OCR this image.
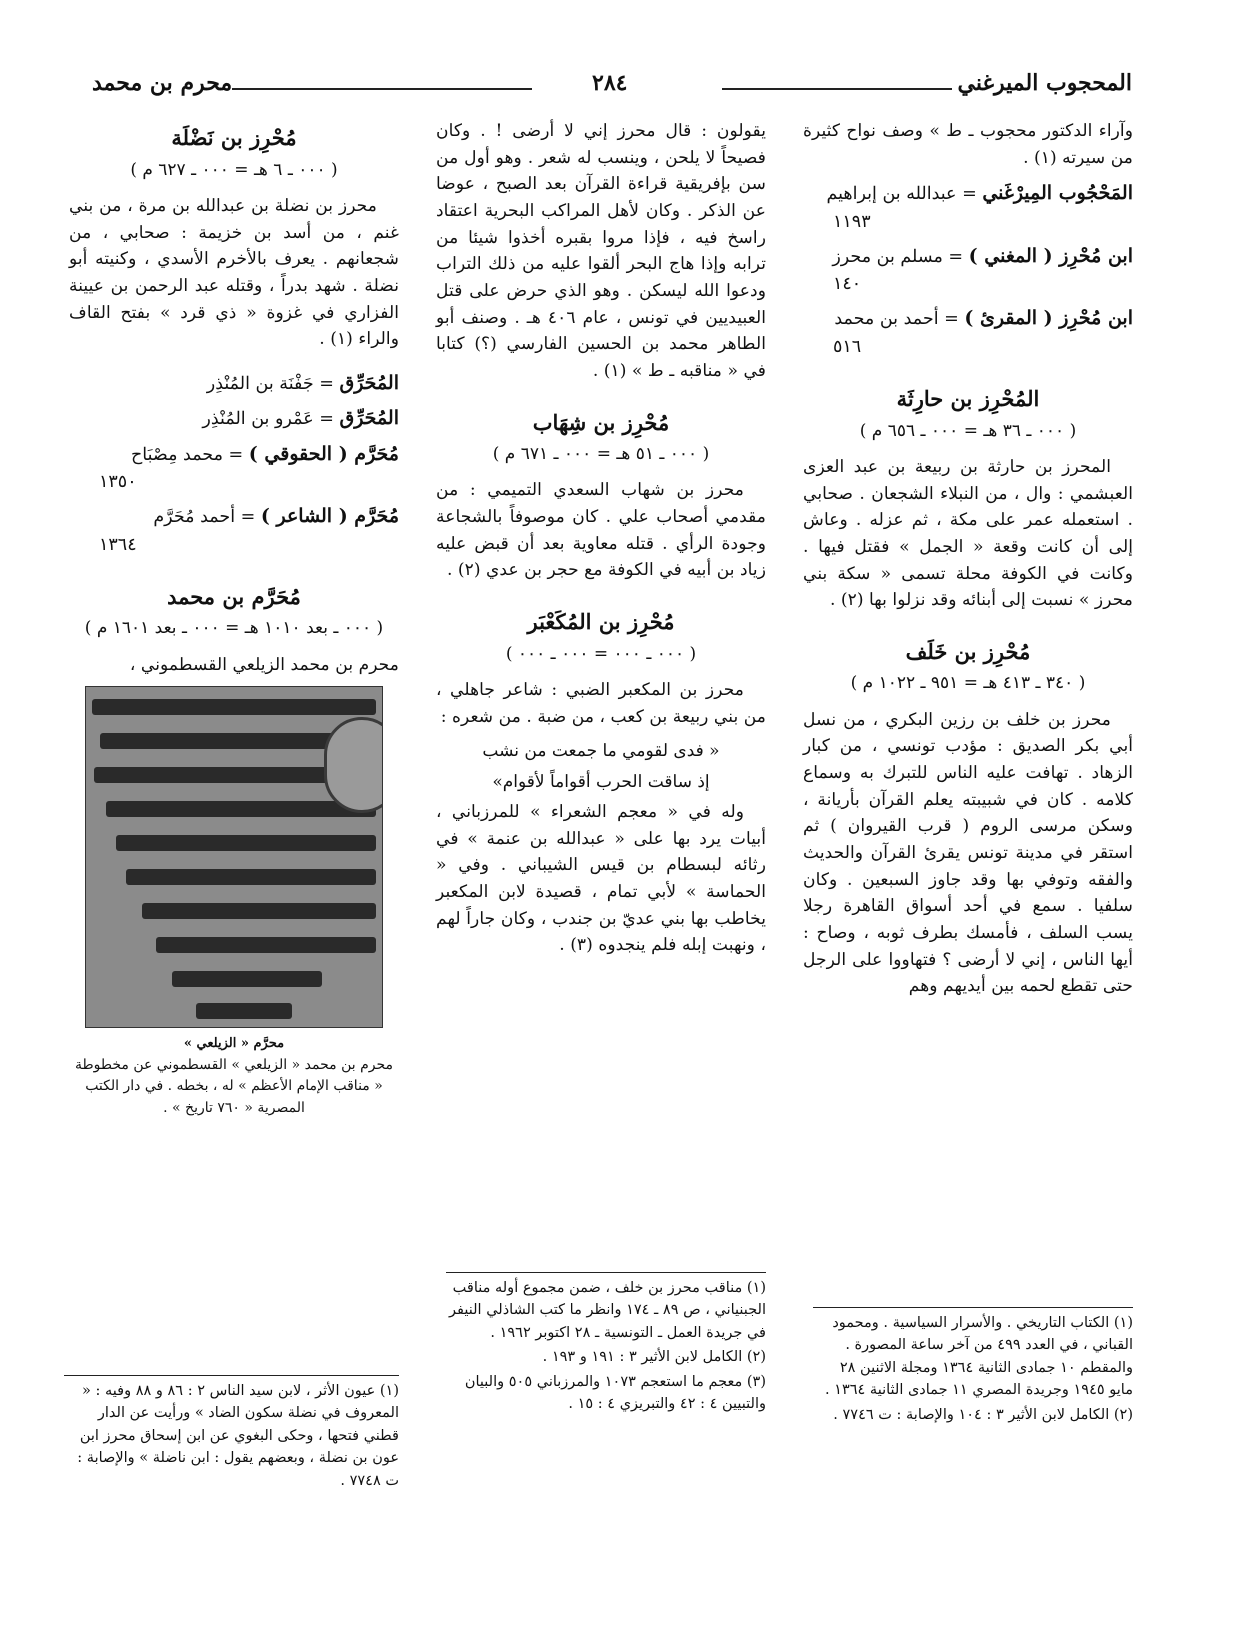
المحجوب الميرغني
٢٨٤
محرم بن محمد

وآراء الدكتور محجوب ـ ط » وصف نواح كثيرة من سيرته (١) .

المَحْجُوب المِيرْغَني = عبدالله بن إبراهيم
١١٩٣
ابن مُحْرِز ( المغني ) = مسلم بن محرز
١٤٠
ابن مُحْرِز ( المقرئ ) = أحمد بن محمد
٥١٦
المُحْرِز بن حارِثَة
( ٠٠٠ ـ ٣٦ هـ = ٠٠٠ ـ ٦٥٦ م )

المحرز بن حارثة بن ربيعة بن عبد العزى العبشمي : وال ، من النبلاء الشجعان . صحابي . استعمله عمر على مكة ، ثم عزله . وعاش إلى أن كانت وقعة « الجمل » فقتل فيها . وكانت في الكوفة محلة تسمى « سكة بني محرز » نسبت إلى أبنائه وقد نزلوا بها (٢) .

مُحْرِز بن خَلَف
( ٣٤٠ ـ ٤١٣ هـ = ٩٥١ ـ ١٠٢٢ م )

محرز بن خلف بن رزين البكري ، من نسل أبي بكر الصديق : مؤدب تونسي ، من كبار الزهاد . تهافت عليه الناس للتبرك به وسماع كلامه . كان في شبيبته يعلم القرآن بأريانة ، وسكن مرسى الروم ( قرب القيروان ) ثم استقر في مدينة تونس يقرئ القرآن والحديث والفقه وتوفي بها وقد جاوز السبعين . وكان سلفيا . سمع في أحد أسواق القاهرة رجلا يسب السلف ، فأمسك بطرف ثوبه ، وصاح : أيها الناس ، إني لا أرضى ؟ فتهاووا على الرجل حتى تقطع لحمه بين أيديهم وهم

يقولون : قال محرز إني لا أرضى ! . وكان فصيحاً لا يلحن ، وينسب له شعر . وهو أول من سن بإفريقية قراءة القرآن بعد الصبح ، عوضا عن الذكر . وكان لأهل المراكب البحرية اعتقاد راسخ فيه ، فإذا مروا بقبره أخذوا شيئا من ترابه وإذا هاج البحر ألقوا عليه من ذلك التراب ودعوا الله ليسكن . وهو الذي حرض على قتل العبيديين في تونس ، عام ٤٠٦ هـ . وصنف أبو الطاهر محمد بن الحسين الفارسي (؟) كتابا في « مناقبه ـ ط » (١) .

مُحْرِز بن شِهَاب
( ٠٠٠ ـ ٥١ هـ = ٠٠٠ ـ ٦٧١ م )

محرز بن شهاب السعدي التميمي : من مقدمي أصحاب علي . كان موصوفاً بالشجاعة وجودة الرأي . قتله معاوية بعد أن قبض عليه زياد بن أبيه في الكوفة مع حجر بن عدي (٢) .

مُحْرِز بن المُكَعْبَر
( ٠٠٠ ـ ٠٠٠ = ٠٠٠ ـ ٠٠٠ )

محرز بن المكعبر الضبي : شاعر جاهلي ، من بني ربيعة بن كعب ، من ضبة . من شعره :

« فدى لقومي ما جمعت من نشب
إذ ساقت الحرب أقواماً لأقوام»

وله في « معجم الشعراء » للمرزباني ، أبيات يرد بها على « عبدالله بن عنمة » في رثائه لبسطام بن قيس الشيباني . وفي « الحماسة » لأبي تمام ، قصيدة لابن المكعبر يخاطب بها بني عديّ بن جندب ، وكان جاراً لهم ، ونهبت إبله فلم ينجدوه (٣) .

مُحْرِز بن نَضْلَة
( ٠٠٠ ـ ٦ هـ = ٠٠٠ ـ ٦٢٧ م )

محرز بن نضلة بن عبدالله بن مرة ، من بني غنم ، من أسد بن خزيمة : صحابي ، من شجعانهم . يعرف بالأخرم الأسدي ، وكنيته أبو نضلة . شهد بدراً ، وقتله عبد الرحمن بن عيينة الفزاري في غزوة « ذي قرد » بفتح القاف والراء (١) .

المُحَرِّق = جَفْنَة بن المُنْذِر
المُحَرِّق = عَمْرو بن المُنْذِر
مُحَرَّم ( الحقوقي ) = محمد مِصْبَاح
١٣٥٠
مُحَرَّم ( الشاعر ) = أحمد مُحَرَّم
١٣٦٤
مُحَرَّم بن محمد
( ٠٠٠ ـ بعد ١٠١٠ هـ = ٠٠٠ ـ بعد ١٦٠١ م )

محرم بن محمد الزيلعي القسطموني ،

محرَّم « الزيلعي »
محرم بن محمد « الزيلعي » القسطموني عن مخطوطة « مناقب الإمام الأعظم » له ، بخطه . في دار الكتب المصرية « ٧٦٠ تاريخ » .

(١) الكتاب التاريخي . والأسرار السياسية . ومحمود القباني ، في العدد ٤٩٩ من آخر ساعة المصورة . والمقطم ١٠ جمادى الثانية ١٣٦٤ ومجلة الاثنين ٢٨ مايو ١٩٤٥ وجريدة المصري ١١ جمادى الثانية ١٣٦٤ .

(٢) الكامل لابن الأثير ٣ : ١٠٤ والإصابة : ت ٧٧٤٦ .

(١) مناقب محرز بن خلف ، ضمن مجموع أوله مناقب الجبنياني ، ص ٨٩ ـ ١٧٤ وانظر ما كتب الشاذلي النيفر في جريدة العمل ـ التونسية ـ ٢٨ اكتوبر ١٩٦٢ .

(٢) الكامل لابن الأثير ٣ : ١٩١ و ١٩٣ .

(٣) معجم ما استعجم ١٠٧٣ والمرزباني ٥٠٥ والبيان والتبيين ٤ : ٤٢ والتبريزي ٤ : ١٥ .

(١) عيون الأثر ، لابن سيد الناس ٢ : ٨٦ و ٨٨ وفيه : « المعروف في نضلة سكون الضاد » ورأيت عن الدار قطني فتحها ، وحكى البغوي عن ابن إسحاق محرز ابن عون بن نضلة ، وبعضهم يقول : ابن ناضلة » والإصابة : ت ٧٧٤٨ .
